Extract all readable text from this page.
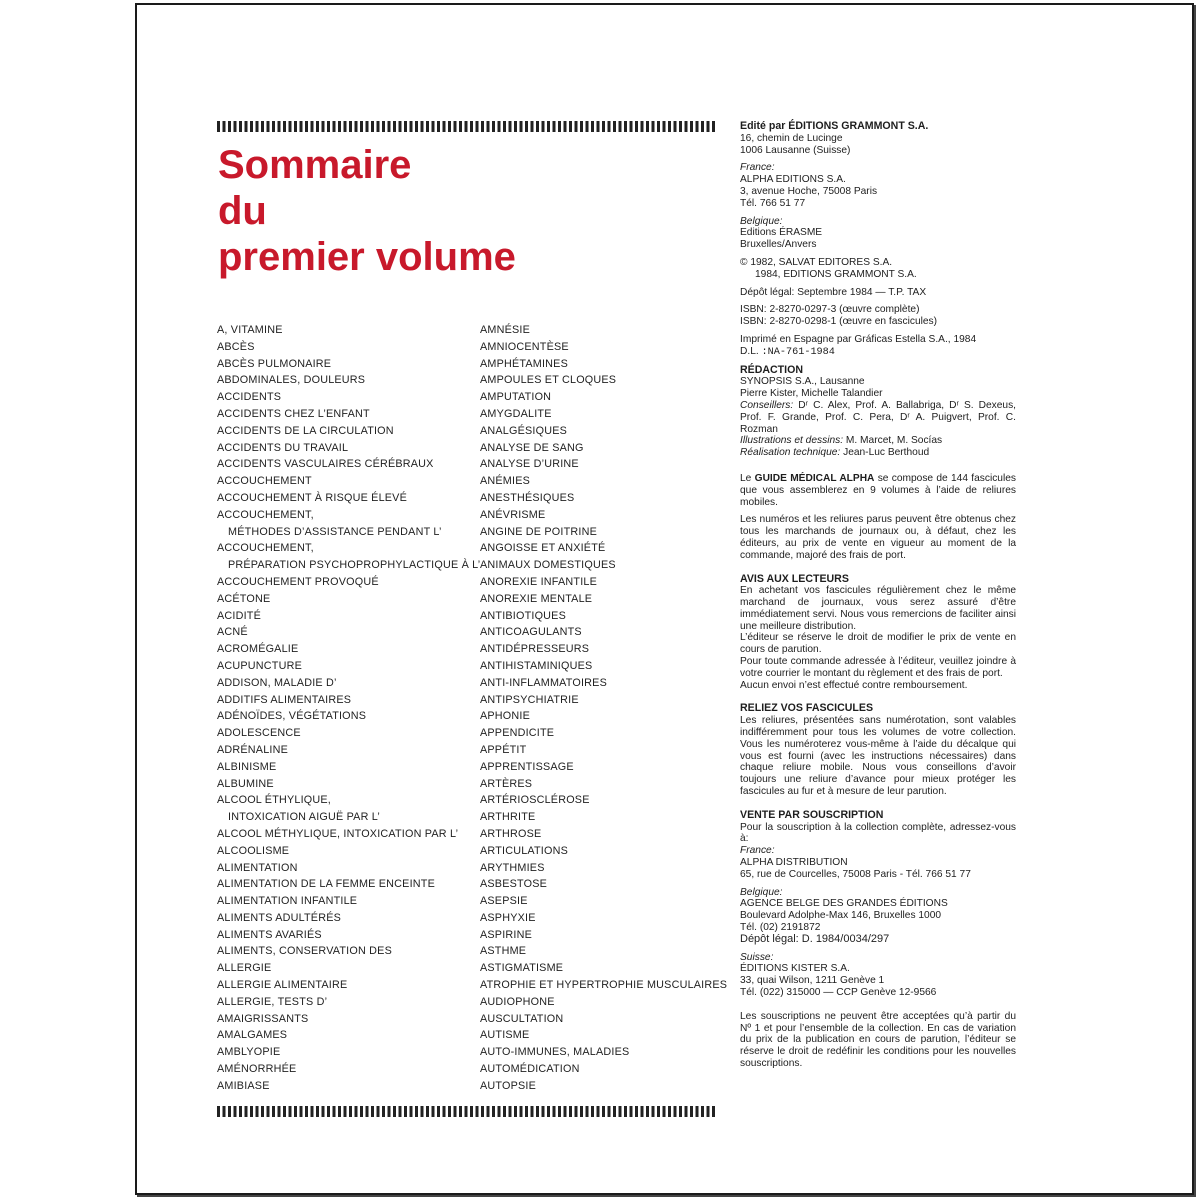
Sommaire
du
premier volume
A, VITAMINE
ABCÈS
ABCÈS PULMONAIRE
ABDOMINALES, DOULEURS
ACCIDENTS
ACCIDENTS CHEZ L’ENFANT
ACCIDENTS DE LA CIRCULATION
ACCIDENTS DU TRAVAIL
ACCIDENTS VASCULAIRES CÉRÉBRAUX
ACCOUCHEMENT
ACCOUCHEMENT À RISQUE ÉLEVÉ
ACCOUCHEMENT,
MÉTHODES D’ASSISTANCE PENDANT L’
ACCOUCHEMENT,
PRÉPARATION PSYCHOPROPHYLACTIQUE À L’
ACCOUCHEMENT PROVOQUÉ
ACÉTONE
ACIDITÉ
ACNÉ
ACROMÉGALIE
ACUPUNCTURE
ADDISON, MALADIE D’
ADDITIFS ALIMENTAIRES
ADÉNOÏDES, VÉGÉTATIONS
ADOLESCENCE
ADRÉNALINE
ALBINISME
ALBUMINE
ALCOOL ÉTHYLIQUE,
INTOXICATION AIGUË PAR L’
ALCOOL MÉTHYLIQUE, INTOXICATION PAR L’
ALCOOLISME
ALIMENTATION
ALIMENTATION DE LA FEMME ENCEINTE
ALIMENTATION INFANTILE
ALIMENTS ADULTÉRÉS
ALIMENTS AVARIÉS
ALIMENTS, CONSERVATION DES
ALLERGIE
ALLERGIE ALIMENTAIRE
ALLERGIE, TESTS D’
AMAIGRISSANTS
AMALGAMES
AMBLYOPIE
AMÉNORRHÉE
AMIBIASE
AMNÉSIE
AMNIOCENTÈSE
AMPHÉTAMINES
AMPOULES ET CLOQUES
AMPUTATION
AMYGDALITE
ANALGÉSIQUES
ANALYSE DE SANG
ANALYSE D’URINE
ANÉMIES
ANESTHÉSIQUES
ANÉVRISME
ANGINE DE POITRINE
ANGOISSE ET ANXIÉTÉ
ANIMAUX DOMESTIQUES
ANOREXIE INFANTILE
ANOREXIE MENTALE
ANTIBIOTIQUES
ANTICOAGULANTS
ANTIDÉPRESSEURS
ANTIHISTAMINIQUES
ANTI-INFLAMMATOIRES
ANTIPSYCHIATRIE
APHONIE
APPENDICITE
APPÉTIT
APPRENTISSAGE
ARTÈRES
ARTÉRIOSCLÉROSE
ARTHRITE
ARTHROSE
ARTICULATIONS
ARYTHMIES
ASBESTOSE
ASEPSIE
ASPHYXIE
ASPIRINE
ASTHME
ASTIGMATISME
ATROPHIE ET HYPERTROPHIE MUSCULAIRES
AUDIOPHONE
AUSCULTATION
AUTISME
AUTO-IMMUNES, MALADIES
AUTOMÉDICATION
AUTOPSIE
Edité par ÉDITIONS GRAMMONT S.A.
16, chemin de Lucinge
1006 Lausanne (Suisse)
France:
ALPHA EDITIONS S.A.
3, avenue Hoche, 75008 Paris
Tél. 766 51 77
Belgique:
Editions ÉRASME
Bruxelles/Anvers
© 1982, SALVAT EDITORES S.A.
1984, EDITIONS GRAMMONT S.A.
Dépôt légal: Septembre 1984 — T.P. TAX
ISBN: 2-8270-0297-3 (œuvre complète)
ISBN: 2-8270-0298-1 (œuvre en fascicules)
Imprimé en Espagne par Gráficas Estella S.A., 1984
D.L. :NA-761-1984
RÉDACTION
SYNOPSIS S.A., Lausanne
Pierre Kister, Michelle Talandier

Conseillers: Dʳ C. Alex, Prof. A. Ballabriga, Dʳ S. Dexeus, Prof. F. Grande, Prof. C. Pera, Dʳ A. Puigvert, Prof. C. Rozman

Illustrations et dessins: M. Marcet, M. Socías

Réalisation technique: Jean-Luc Berthoud

Le GUIDE MÉDICAL ALPHA se compose de 144 fascicules que vous assemblerez en 9 volumes à l’aide de reliures mobiles.

Les numéros et les reliures parus peuvent être obtenus chez tous les marchands de journaux ou, à défaut, chez les éditeurs, au prix de vente en vigueur au moment de la commande, majoré des frais de port.

AVIS AUX LECTEURS

En achetant vos fascicules régulièrement chez le même marchand de journaux, vous serez assuré d’être immédiatement servi. Nous vous remercions de faciliter ainsi une meilleure distribution.

L’éditeur se réserve le droit de modifier le prix de vente en cours de parution.

Pour toute commande adressée à l’éditeur, veuillez joindre à votre courrier le montant du règlement et des frais de port.

Aucun envoi n’est effectué contre remboursement.

RELIEZ VOS FASCICULES

Les reliures, présentées sans numérotation, sont valables indifféremment pour tous les volumes de votre collection. Vous les numéroterez vous-même à l’aide du décalque qui vous est fourni (avec les instructions nécessaires) dans chaque reliure mobile. Nous vous conseillons d’avoir toujours une reliure d’avance pour mieux protéger les fascicules au fur et à mesure de leur parution.

VENTE PAR SOUSCRIPTION

Pour la souscription à la collection complète, adressez-vous à:

France:
ALPHA DISTRIBUTION
65, rue de Courcelles, 75008 Paris - Tél. 766 51 77
Belgique:
AGENCE BELGE DES GRANDES ÉDITIONS
Boulevard Adolphe-Max 146, Bruxelles 1000
Tél. (02) 2191872
Dépôt légal: D. 1984/0034/297
Suisse:
ÉDITIONS KISTER S.A.
33, quai Wilson, 1211 Genève 1
Tél. (022) 315000 — CCP Genève 12-9566

Les souscriptions ne peuvent être acceptées qu’à partir du Nº 1 et pour l’ensemble de la collection. En cas de variation du prix de la publication en cours de parution, l’éditeur se réserve le droit de redéfinir les conditions pour les nouvelles souscriptions.
